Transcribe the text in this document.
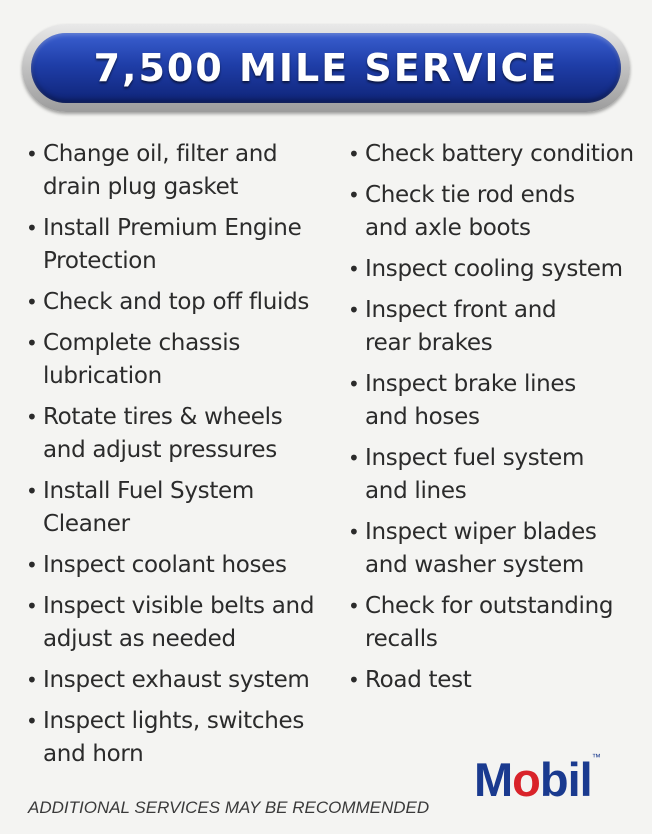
7,500 MILE SERVICE
• Change oil, filter and
drain plug gasket
• Install Premium Engine
Protection
• Check and top off fluids
• Complete chassis
lubrication
• Rotate tires & wheels
and adjust pressures
• Install Fuel System
Cleaner
• Inspect coolant hoses
• Inspect visible belts and
adjust as needed
• Inspect exhaust system
• Inspect lights, switches
and horn
• Check battery condition
• Check tie rod ends
and axle boots
• Inspect cooling system
• Inspect front and
rear brakes
• Inspect brake lines
and hoses
• Inspect fuel system
and lines
• Inspect wiper blades
and washer system
• Check for outstanding
recalls
• Road test
Mobil™
ADDITIONAL SERVICES MAY BE RECOMMENDED
